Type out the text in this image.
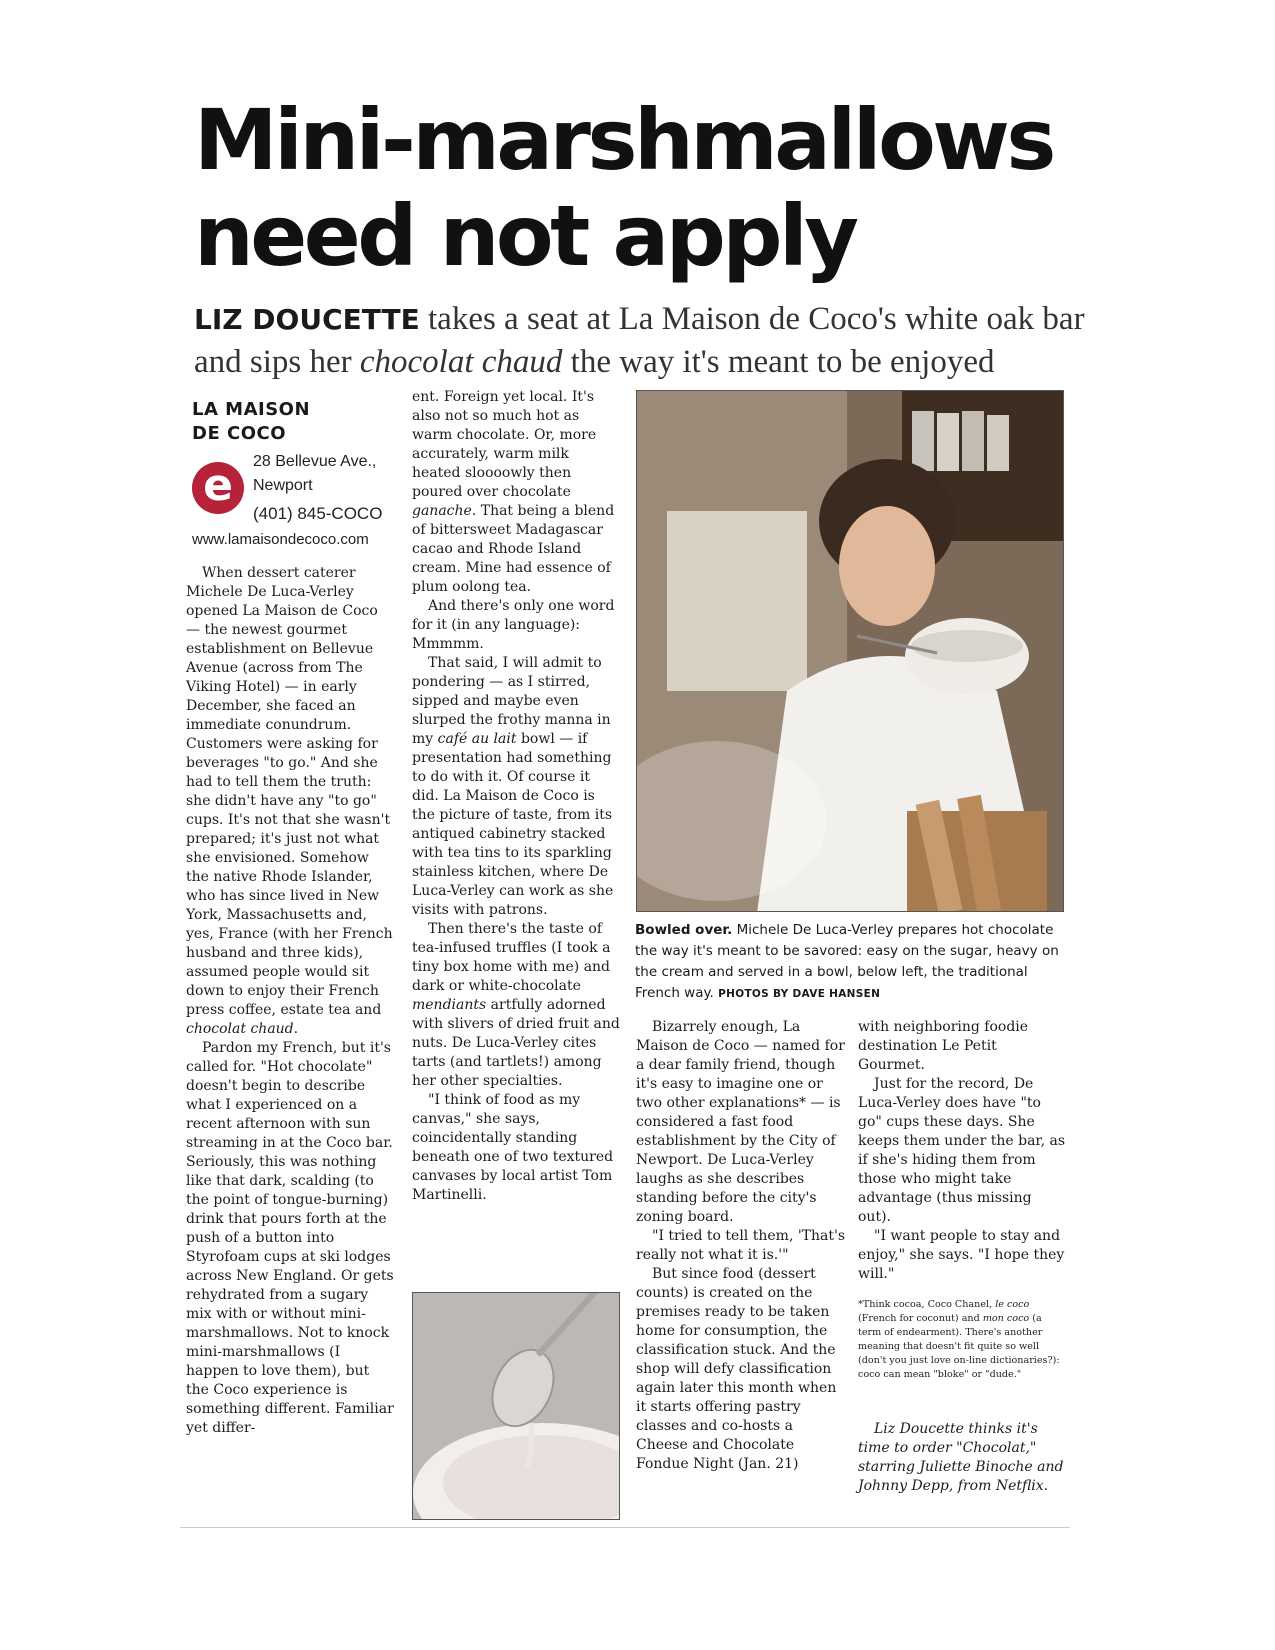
Mini-marshmallows
need not apply
LIZ DOUCETTE takes a seat at La Maison de Coco's white oak bar
and sips her chocolat chaud the way it's meant to be enjoyed
LA MAISON
DE COCO
e	28 Bellevue Ave.,
Newport
(401) 845-COCO
www.lamaisondecoco.com

When dessert caterer Michele De Luca-Verley opened La Maison de Coco — the newest gourmet establishment on Bellevue Avenue (across from The Viking Hotel) — in early December, she faced an immediate conundrum. Customers were asking for beverages "to go." And she had to tell them the truth: she didn't have any "to go" cups. It's not that she wasn't prepared; it's just not what she envisioned. Somehow the native Rhode Islander, who has since lived in New York, Massachusetts and, yes, France (with her French husband and three kids), assumed people would sit down to enjoy their French press coffee, estate tea and chocolat chaud.

Pardon my French, but it's called for. "Hot chocolate" doesn't begin to describe what I experienced on a recent afternoon with sun streaming in at the Coco bar. Seriously, this was nothing like that dark, scalding (to the point of tongue-burning) drink that pours forth at the push of a button into Styrofoam cups at ski lodges across New England. Or gets rehydrated from a sugary mix with or without mini-marshmallows. Not to knock mini-marshmallows (I happen to love them), but the Coco experience is something different. Familiar yet differ-

ent. Foreign yet local. It's also not so much hot as warm chocolate. Or, more accurately, warm milk heated sloooowly then poured over chocolate ganache. That being a blend of bittersweet Madagascar cacao and Rhode Island cream. Mine had essence of plum oolong tea.

And there's only one word for it (in any language): Mmmmm.

That said, I will admit to pondering — as I stirred, sipped and maybe even slurped the frothy manna in my café au lait bowl — if presentation had something to do with it. Of course it did. La Maison de Coco is the picture of taste, from its antiqued cabinetry stacked with tea tins to its sparkling stainless kitchen, where De Luca-Verley can work as she visits with patrons.

Then there's the taste of tea-infused truffles (I took a tiny box home with me) and dark or white-chocolate mendiants artfully adorned with slivers of dried fruit and nuts. De Luca-Verley cites tarts (and tartlets!) among her other specialties.

"I think of food as my canvas," she says, coincidentally standing beneath one of two textured canvases by local artist Tom Martinelli.

Bowled over. Michele De Luca-Verley prepares hot chocolate the way it's meant to be savored: easy on the sugar, heavy on the cream and served in a bowl, below left, the traditional French way. PHOTOS BY DAVE HANSEN

Bizarrely enough, La Maison de Coco — named for a dear family friend, though it's easy to imagine one or two other explanations* — is considered a fast food establishment by the City of Newport. De Luca-Verley laughs as she describes standing before the city's zoning board.

"I tried to tell them, 'That's really not what it is.'"

But since food (dessert counts) is created on the premises ready to be taken home for consumption, the classification stuck. And the shop will defy classification again later this month when it starts offering pastry classes and co-hosts a Cheese and Chocolate Fondue Night (Jan. 21)

with neighboring foodie destination Le Petit Gourmet.

Just for the record, De Luca-Verley does have "to go" cups these days. She keeps them under the bar, as if she's hiding them from those who might take advantage (thus missing out).

"I want people to stay and enjoy," she says. "I hope they will."

*Think cocoa, Coco Chanel, le coco (French for coconut) and mon coco (a term of endearment). There's another meaning that doesn't fit quite so well (don't you just love on-line dictionaries?): coco can mean "bloke" or "dude."
Liz Doucette thinks it's time to order "Chocolat," starring Juliette Binoche and Johnny Depp, from Netflix.
